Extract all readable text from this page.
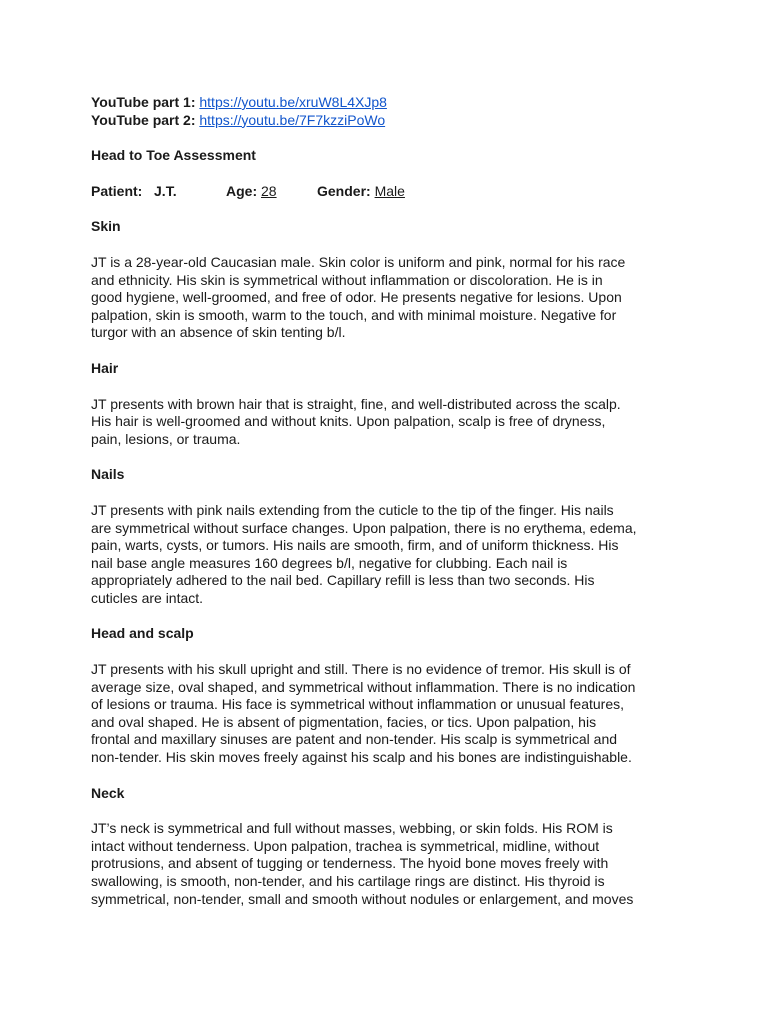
YouTube part 1: https://youtu.be/xruW8L4XJp8

YouTube part 2: https://youtu.be/7F7kzziPoWo

Head to Toe Assessment

Patient: J.T.	Age: 28	Gender: Male

Skin

JT is a 28-year-old Caucasian male. Skin color is uniform and pink, normal for his race

and ethnicity. His skin is symmetrical without inflammation or discoloration. He is in

good hygiene, well-groomed, and free of odor. He presents negative for lesions. Upon

palpation, skin is smooth, warm to the touch, and with minimal moisture. Negative for

turgor with an absence of skin tenting b/l.

Hair

JT presents with brown hair that is straight, fine, and well-distributed across the scalp.

His hair is well-groomed and without knits. Upon palpation, scalp is free of dryness,

pain, lesions, or trauma.

Nails

JT presents with pink nails extending from the cuticle to the tip of the finger. His nails

are symmetrical without surface changes. Upon palpation, there is no erythema, edema,

pain, warts, cysts, or tumors. His nails are smooth, firm, and of uniform thickness. His

nail base angle measures 160 degrees b/l, negative for clubbing. Each nail is

appropriately adhered to the nail bed. Capillary refill is less than two seconds. His

cuticles are intact.

Head and scalp

JT presents with his skull upright and still. There is no evidence of tremor. His skull is of

average size, oval shaped, and symmetrical without inflammation. There is no indication

of lesions or trauma. His face is symmetrical without inflammation or unusual features,

and oval shaped. He is absent of pigmentation, facies, or tics. Upon palpation, his

frontal and maxillary sinuses are patent and non-tender. His scalp is symmetrical and

non-tender. His skin moves freely against his scalp and his bones are indistinguishable.

Neck

JT’s neck is symmetrical and full without masses, webbing, or skin folds. His ROM is

intact without tenderness. Upon palpation, trachea is symmetrical, midline, without

protrusions, and absent of tugging or tenderness. The hyoid bone moves freely with

swallowing, is smooth, non-tender, and his cartilage rings are distinct. His thyroid is

symmetrical, non-tender, small and smooth without nodules or enlargement, and moves
